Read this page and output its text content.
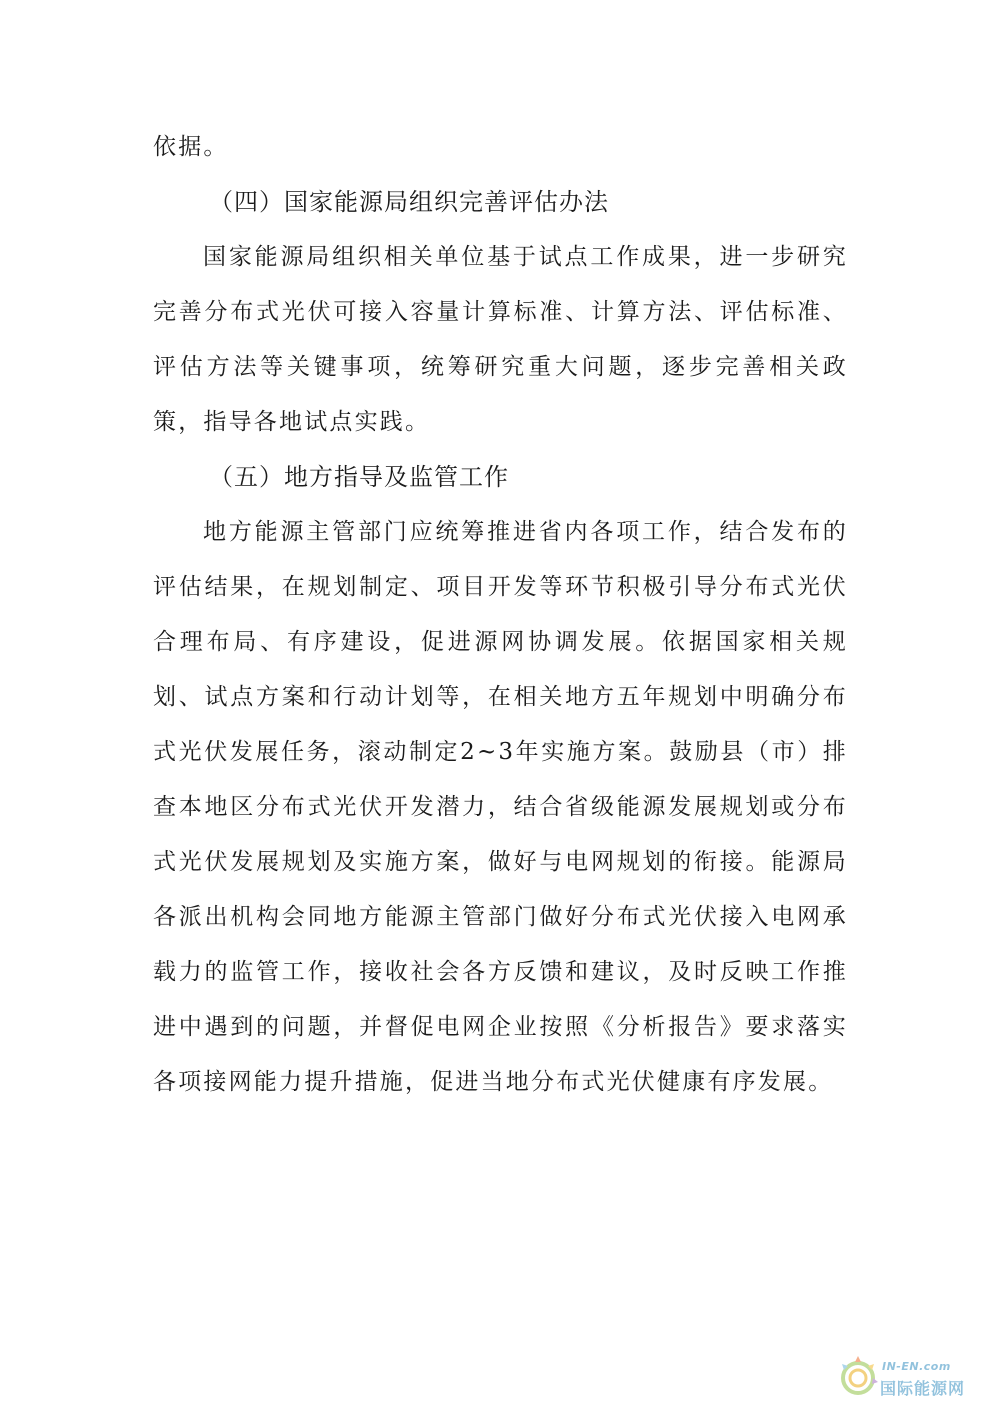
依据。

（四）国家能源局组织完善评估办法

国家能源局组织相关单位基于试点工作成果，进一步研究完善分布式光伏可接入容量计算标准、计算方法、评估标准、评估方法等关键事项，统筹研究重大问题，逐步完善相关政策，指导各地试点实践。

（五）地方指导及监管工作

地方能源主管部门应统筹推进省内各项工作，结合发布的评估结果，在规划制定、项目开发等环节积极引导分布式光伏合理布局、有序建设，促进源网协调发展。依据国家相关规划、试点方案和行动计划等，在相关地方五年规划中明确分布式光伏发展任务，滚动制定2~3年实施方案。鼓励县（市）排查本地区分布式光伏开发潜力，结合省级能源发展规划或分布式光伏发展规划及实施方案，做好与电网规划的衔接。能源局各派出机构会同地方能源主管部门做好分布式光伏接入电网承载力的监管工作，接收社会各方反馈和建议，及时反映工作推进中遇到的问题，并督促电网企业按照《分析报告》要求落实各项接网能力提升措施，促进当地分布式光伏健康有序发展。

IN-EN.com
国际能源网
